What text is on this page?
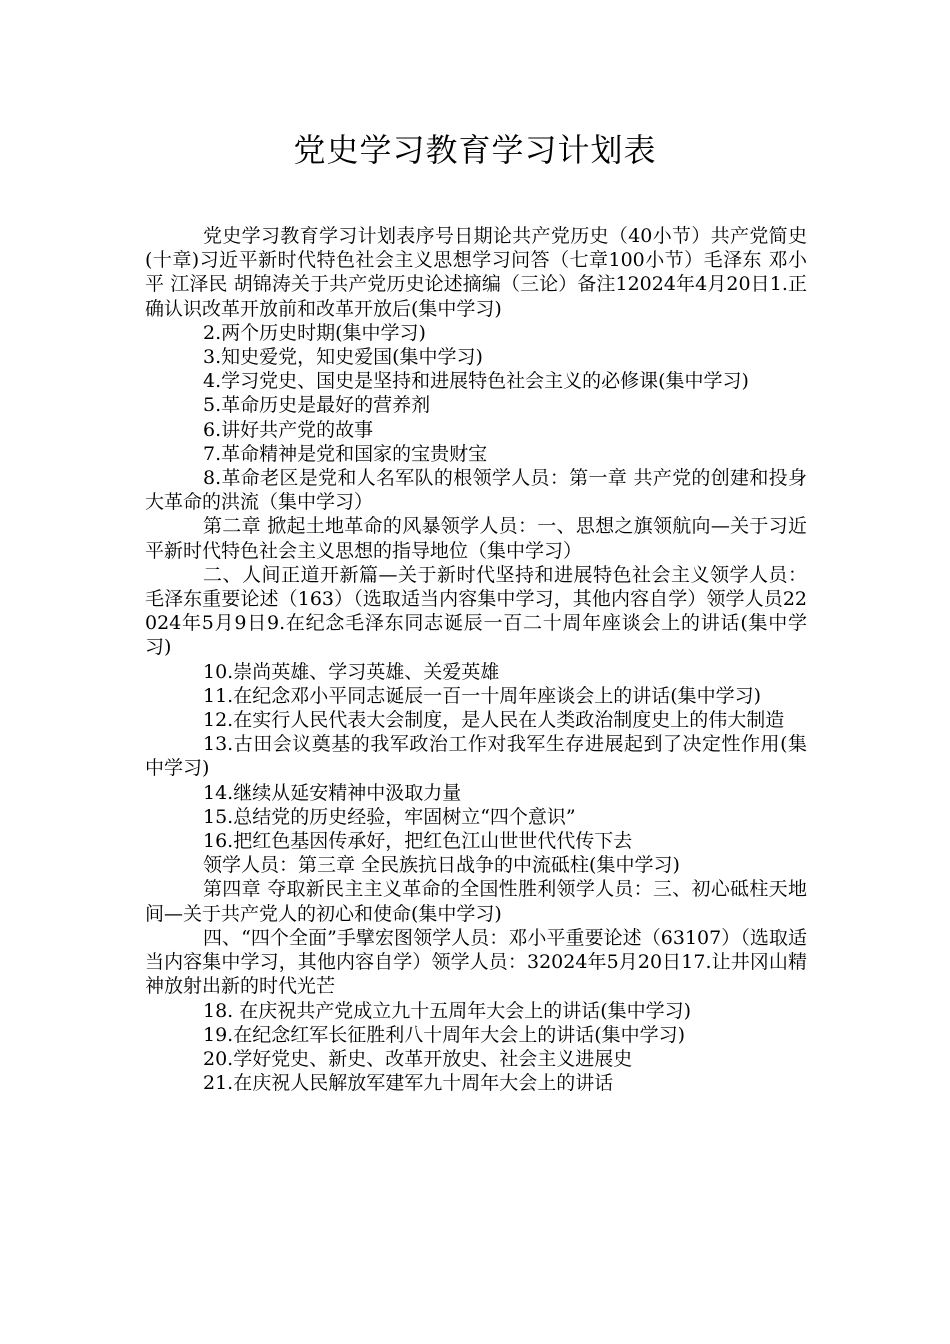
党史学习教育学习计划表

党史学习教育学习计划表序号日期论共产党历史（40小节）共产党简史(十章)习近平新时代特色社会主义思想学习问答（七章100小节）毛泽东 邓小平 江泽民 胡锦涛关于共产党历史论述摘编（三论）备注12024年4月20日1.正确认识改革开放前和改革开放后(集中学习)

2.两个历史时期(集中学习)

3.知史爱党，知史爱国(集中学习)

4.学习党史、国史是坚持和进展特色社会主义的必修课(集中学习)

5.革命历史是最好的营养剂

6.讲好共产党的故事

7.革命精神是党和国家的宝贵财宝

8.革命老区是党和人名军队的根领学人员：第一章 共产党的创建和投身大革命的洪流（集中学习）

第二章 掀起土地革命的风暴领学人员：一、思想之旗领航向—关于习近平新时代特色社会主义思想的指导地位（集中学习）

二、人间正道开新篇—关于新时代坚持和进展特色社会主义领学人员：毛泽东重要论述（163）（选取适当内容集中学习，其他内容自学）领学人员22024年5月9日9.在纪念毛泽东同志诞辰一百二十周年座谈会上的讲话(集中学习)

10.崇尚英雄、学习英雄、关爱英雄

11.在纪念邓小平同志诞辰一百一十周年座谈会上的讲话(集中学习)

12.在实行人民代表大会制度，是人民在人类政治制度史上的伟大制造

13.古田会议奠基的我军政治工作对我军生存进展起到了决定性作用(集中学习)

14.继续从延安精神中汲取力量

15.总结党的历史经验，牢固树立“四个意识”

16.把红色基因传承好，把红色江山世世代代传下去

领学人员：第三章 全民族抗日战争的中流砥柱(集中学习)

第四章 夺取新民主主义革命的全国性胜利领学人员：三、初心砥柱天地间—关于共产党人的初心和使命(集中学习)

四、“四个全面”手擘宏图领学人员：邓小平重要论述（63107）（选取适当内容集中学习，其他内容自学）领学人员：32024年5月20日17.让井冈山精神放射出新的时代光芒

18. 在庆祝共产党成立九十五周年大会上的讲话(集中学习)

19.在纪念红军长征胜利八十周年大会上的讲话(集中学习)

20.学好党史、新史、改革开放史、社会主义进展史

21.在庆祝人民解放军建军九十周年大会上的讲话
